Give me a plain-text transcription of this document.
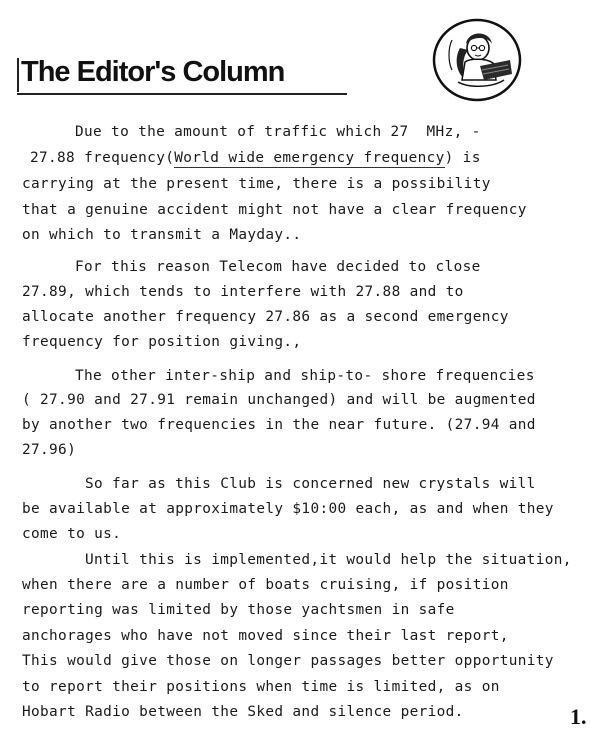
The Editor's Column
Due to the amount of traffic which 27  MHz, -
27.88 frequency(World wide emergency frequency) is
carrying at the present time, there is a possibility
that a genuine accident might not have a clear frequency
on which to transmit a Mayday..
For this reason Telecom have decided to close
27.89, which tends to interfere with 27.88 and to
allocate another frequency 27.86 as a second emergency
frequency for position giving.,
The other inter-ship and ship-to- shore frequencies
( 27.90 and 27.91 remain unchanged) and will be augmented
by another two frequencies in the near future. (27.94 and
27.96)
So far as this Club is concerned new crystals will
be available at approximately $10:00 each, as and when they
come to us.
Until this is implemented,it would help the situation,
when there are a number of boats cruising, if position
reporting was limited by those yachtsmen in safe
anchorages who have not moved since their last report,
This would give those on longer passages better opportunity
to report their positions when time is limited, as on
Hobart Radio between the Sked and silence period.	1.
